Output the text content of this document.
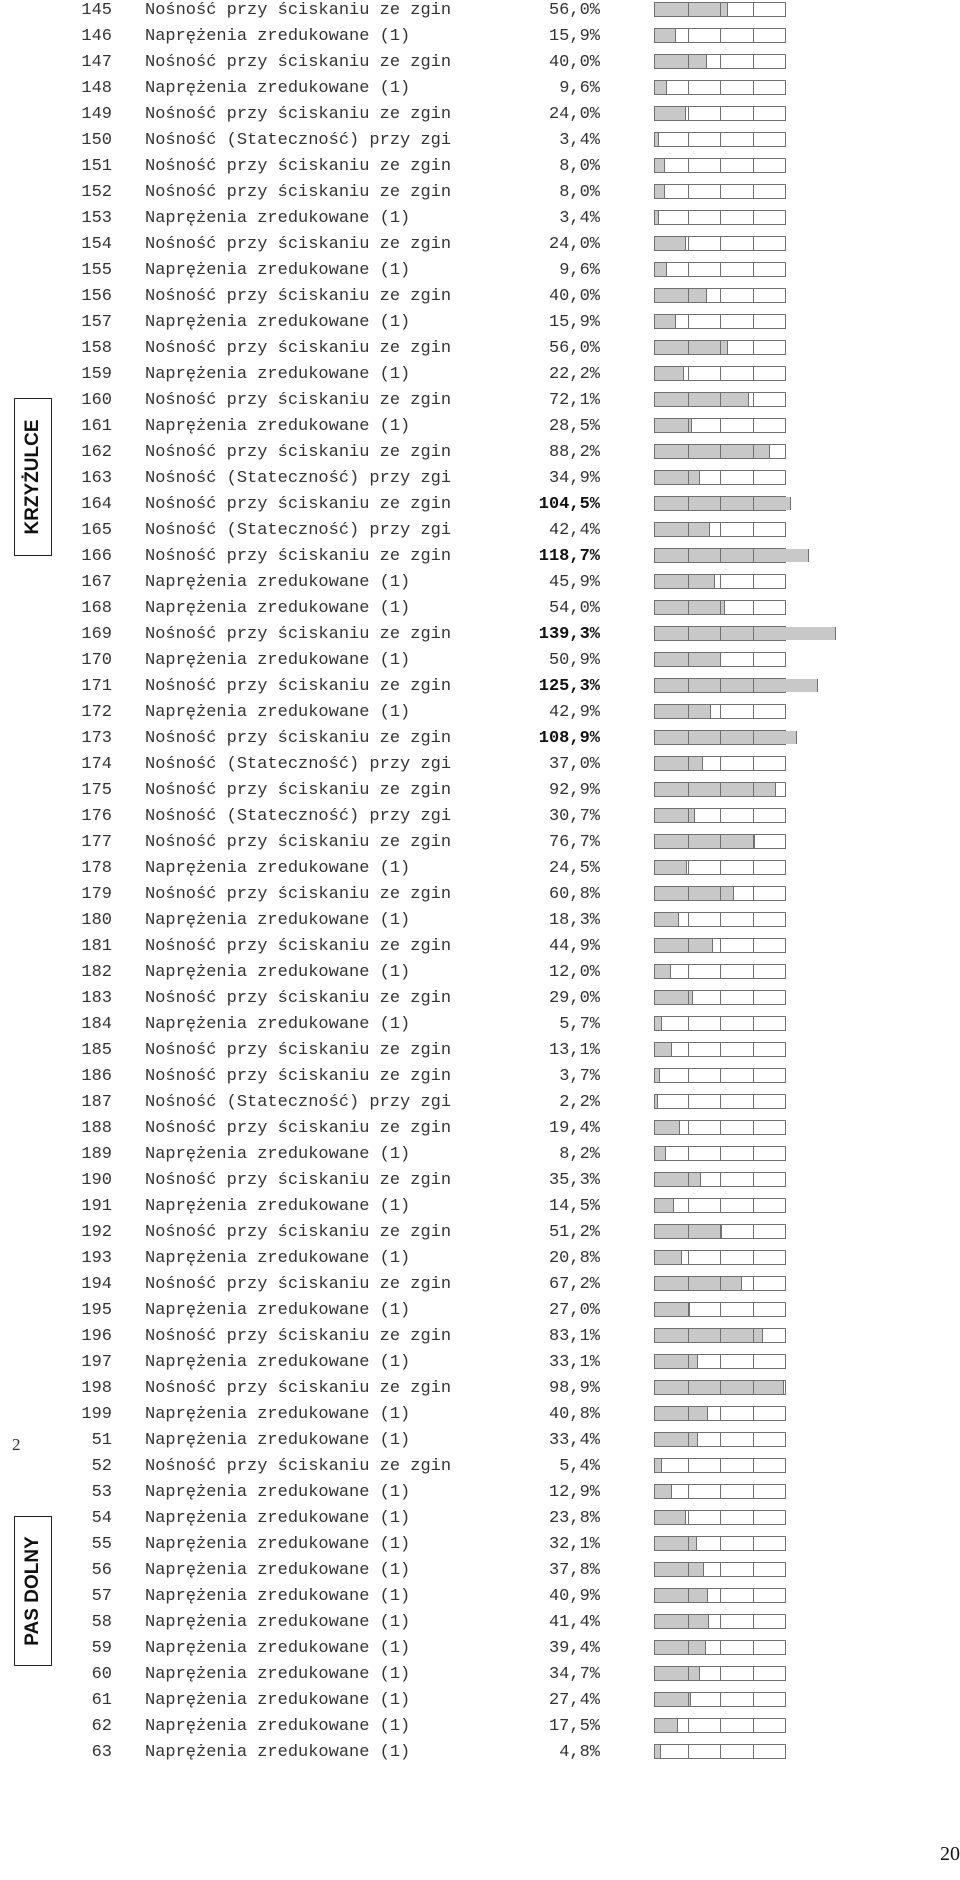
145 Nośność przy ściskaniu ze zgin	56,0%
146 Naprężenia zredukowane (1)	15,9%
147 Nośność przy ściskaniu ze zgin	40,0%
148 Naprężenia zredukowane (1)	9,6%
149 Nośność przy ściskaniu ze zgin	24,0%
150 Nośność (Stateczność) przy zgi	3,4%
151 Nośność przy ściskaniu ze zgin	8,0%
152 Nośność przy ściskaniu ze zgin	8,0%
153 Naprężenia zredukowane (1)	3,4%
154 Nośność przy ściskaniu ze zgin	24,0%
155 Naprężenia zredukowane (1)	9,6%
156 Nośność przy ściskaniu ze zgin	40,0%
157 Naprężenia zredukowane (1)	15,9%
158 Nośność przy ściskaniu ze zgin	56,0%
159 Naprężenia zredukowane (1)	22,2%
160 Nośność przy ściskaniu ze zgin	72,1%
161 Naprężenia zredukowane (1)	28,5%
162 Nośność przy ściskaniu ze zgin	88,2%
163 Nośność (Stateczność) przy zgi	34,9%
164 Nośność przy ściskaniu ze zgin	104,5%
165 Nośność (Stateczność) przy zgi	42,4%
166 Nośność przy ściskaniu ze zgin	118,7%
167 Naprężenia zredukowane (1)	45,9%
168 Naprężenia zredukowane (1)	54,0%
169 Nośność przy ściskaniu ze zgin	139,3%
170 Naprężenia zredukowane (1)	50,9%
171 Nośność przy ściskaniu ze zgin	125,3%
172 Naprężenia zredukowane (1)	42,9%
173 Nośność przy ściskaniu ze zgin	108,9%
174 Nośność (Stateczność) przy zgi	37,0%
175 Nośność przy ściskaniu ze zgin	92,9%
176 Nośność (Stateczność) przy zgi	30,7%
177 Nośność przy ściskaniu ze zgin	76,7%
178 Naprężenia zredukowane (1)	24,5%
179 Nośność przy ściskaniu ze zgin	60,8%
180 Naprężenia zredukowane (1)	18,3%
181 Nośność przy ściskaniu ze zgin	44,9%
182 Naprężenia zredukowane (1)	12,0%
183 Nośność przy ściskaniu ze zgin	29,0%
184 Naprężenia zredukowane (1)	5,7%
185 Nośność przy ściskaniu ze zgin	13,1%
186 Nośność przy ściskaniu ze zgin	3,7%
187 Nośność (Stateczność) przy zgi	2,2%
188 Nośność przy ściskaniu ze zgin	19,4%
189 Naprężenia zredukowane (1)	8,2%
190 Nośność przy ściskaniu ze zgin	35,3%
191 Naprężenia zredukowane (1)	14,5%
192 Nośność przy ściskaniu ze zgin	51,2%
193 Naprężenia zredukowane (1)	20,8%
194 Nośność przy ściskaniu ze zgin	67,2%
195 Naprężenia zredukowane (1)	27,0%
196 Nośność przy ściskaniu ze zgin	83,1%
197 Naprężenia zredukowane (1)	33,1%
198 Nośność przy ściskaniu ze zgin	98,9%
199 Naprężenia zredukowane (1)	40,8%
51 Naprężenia zredukowane (1)	33,4%
52 Nośność przy ściskaniu ze zgin	5,4%
53 Naprężenia zredukowane (1)	12,9%
54 Naprężenia zredukowane (1)	23,8%
55 Naprężenia zredukowane (1)	32,1%
56 Naprężenia zredukowane (1)	37,8%
57 Naprężenia zredukowane (1)	40,9%
58 Naprężenia zredukowane (1)	41,4%
59 Naprężenia zredukowane (1)	39,4%
60 Naprężenia zredukowane (1)	34,7%
61 Naprężenia zredukowane (1)	27,4%
62 Naprężenia zredukowane (1)	17,5%
63 Naprężenia zredukowane (1)	4,8%
KRZYŻULCE
PAS DOLNY
2
20
